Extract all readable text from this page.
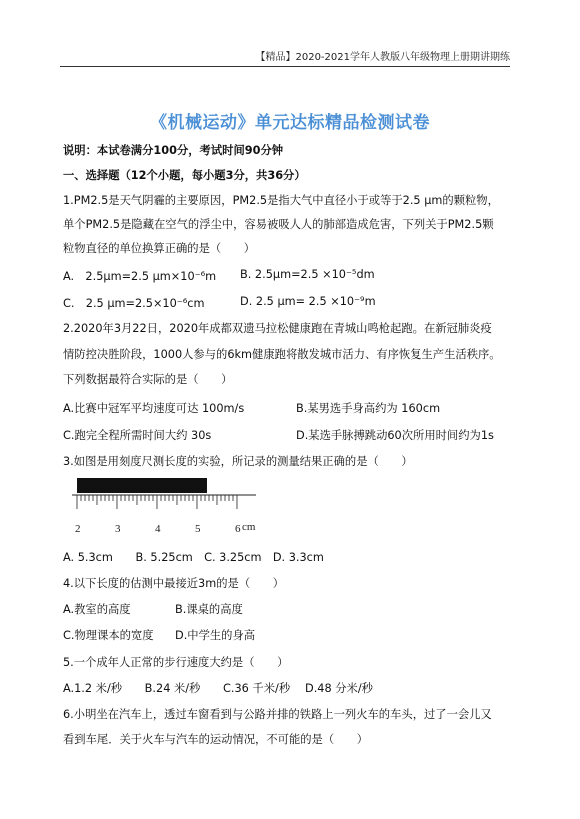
【精品】2020-2021学年人教版八年级物理上册期讲期练
《机械运动》单元达标精品检测试卷
说明：本试卷满分100分，考试时间90分钟
一、选择题（12个小题，每小题3分，共36分）
1.PM2.5是天气阴霾的主要原因，PM2.5是指大气中直径小于或等于2.5 μm的颗粒物，
单个PM2.5是隐藏在空气的浮尘中，容易被吸人人的肺部造成危害，下列关于PM2.5颗
粒物直径的单位换算正确的是（　　）
A.　2.5μm=2.5 μm×10⁻⁶m B. 2.5μm=2.5 ×10⁻⁵dm
C.　2.5 μm=2.5×10⁻⁶cm	D. 2.5 μm= 2.5 ×10⁻⁹m
2.2020年3月22日，2020年成都双遗马拉松健康跑在青城山鸣枪起跑。在新冠肺炎疫
情防控决胜阶段，1000人参与的6km健康跑将散发城市活力、有序恢复生产生活秩序。
下列数据最符合实际的是（　　）
A.比赛中冠军平均速度可达 100m/s	B.某男选手身高约为 160cm
C.跑完全程所需时间大约 30s	D.某选手脉搏跳动60次所用时间约为1s
3.如图是用刻度尺测长度的实验，所记录的测量结果正确的是（　　）
2	3	4	5	6 cm
A. 5.3cm　　B. 5.25cm　C. 3.25cm　D. 3.3cm
4.以下长度的估测中最接近3m的是（　　）
A.教室的高度	B.课桌的高度
C.物理课本的宽度 D.中学生的身高
5.一个成年人正常的步行速度大约是（　　）
A.1.2 米/秒　　B.24 米/秒　　C.36 千米/秒　 D.48 分米/秒
6.小明坐在汽车上，透过车窗看到与公路并排的铁路上一列火车的车头，过了一会儿又
看到车尾．关于火车与汽车的运动情况，不可能的是（　　）
